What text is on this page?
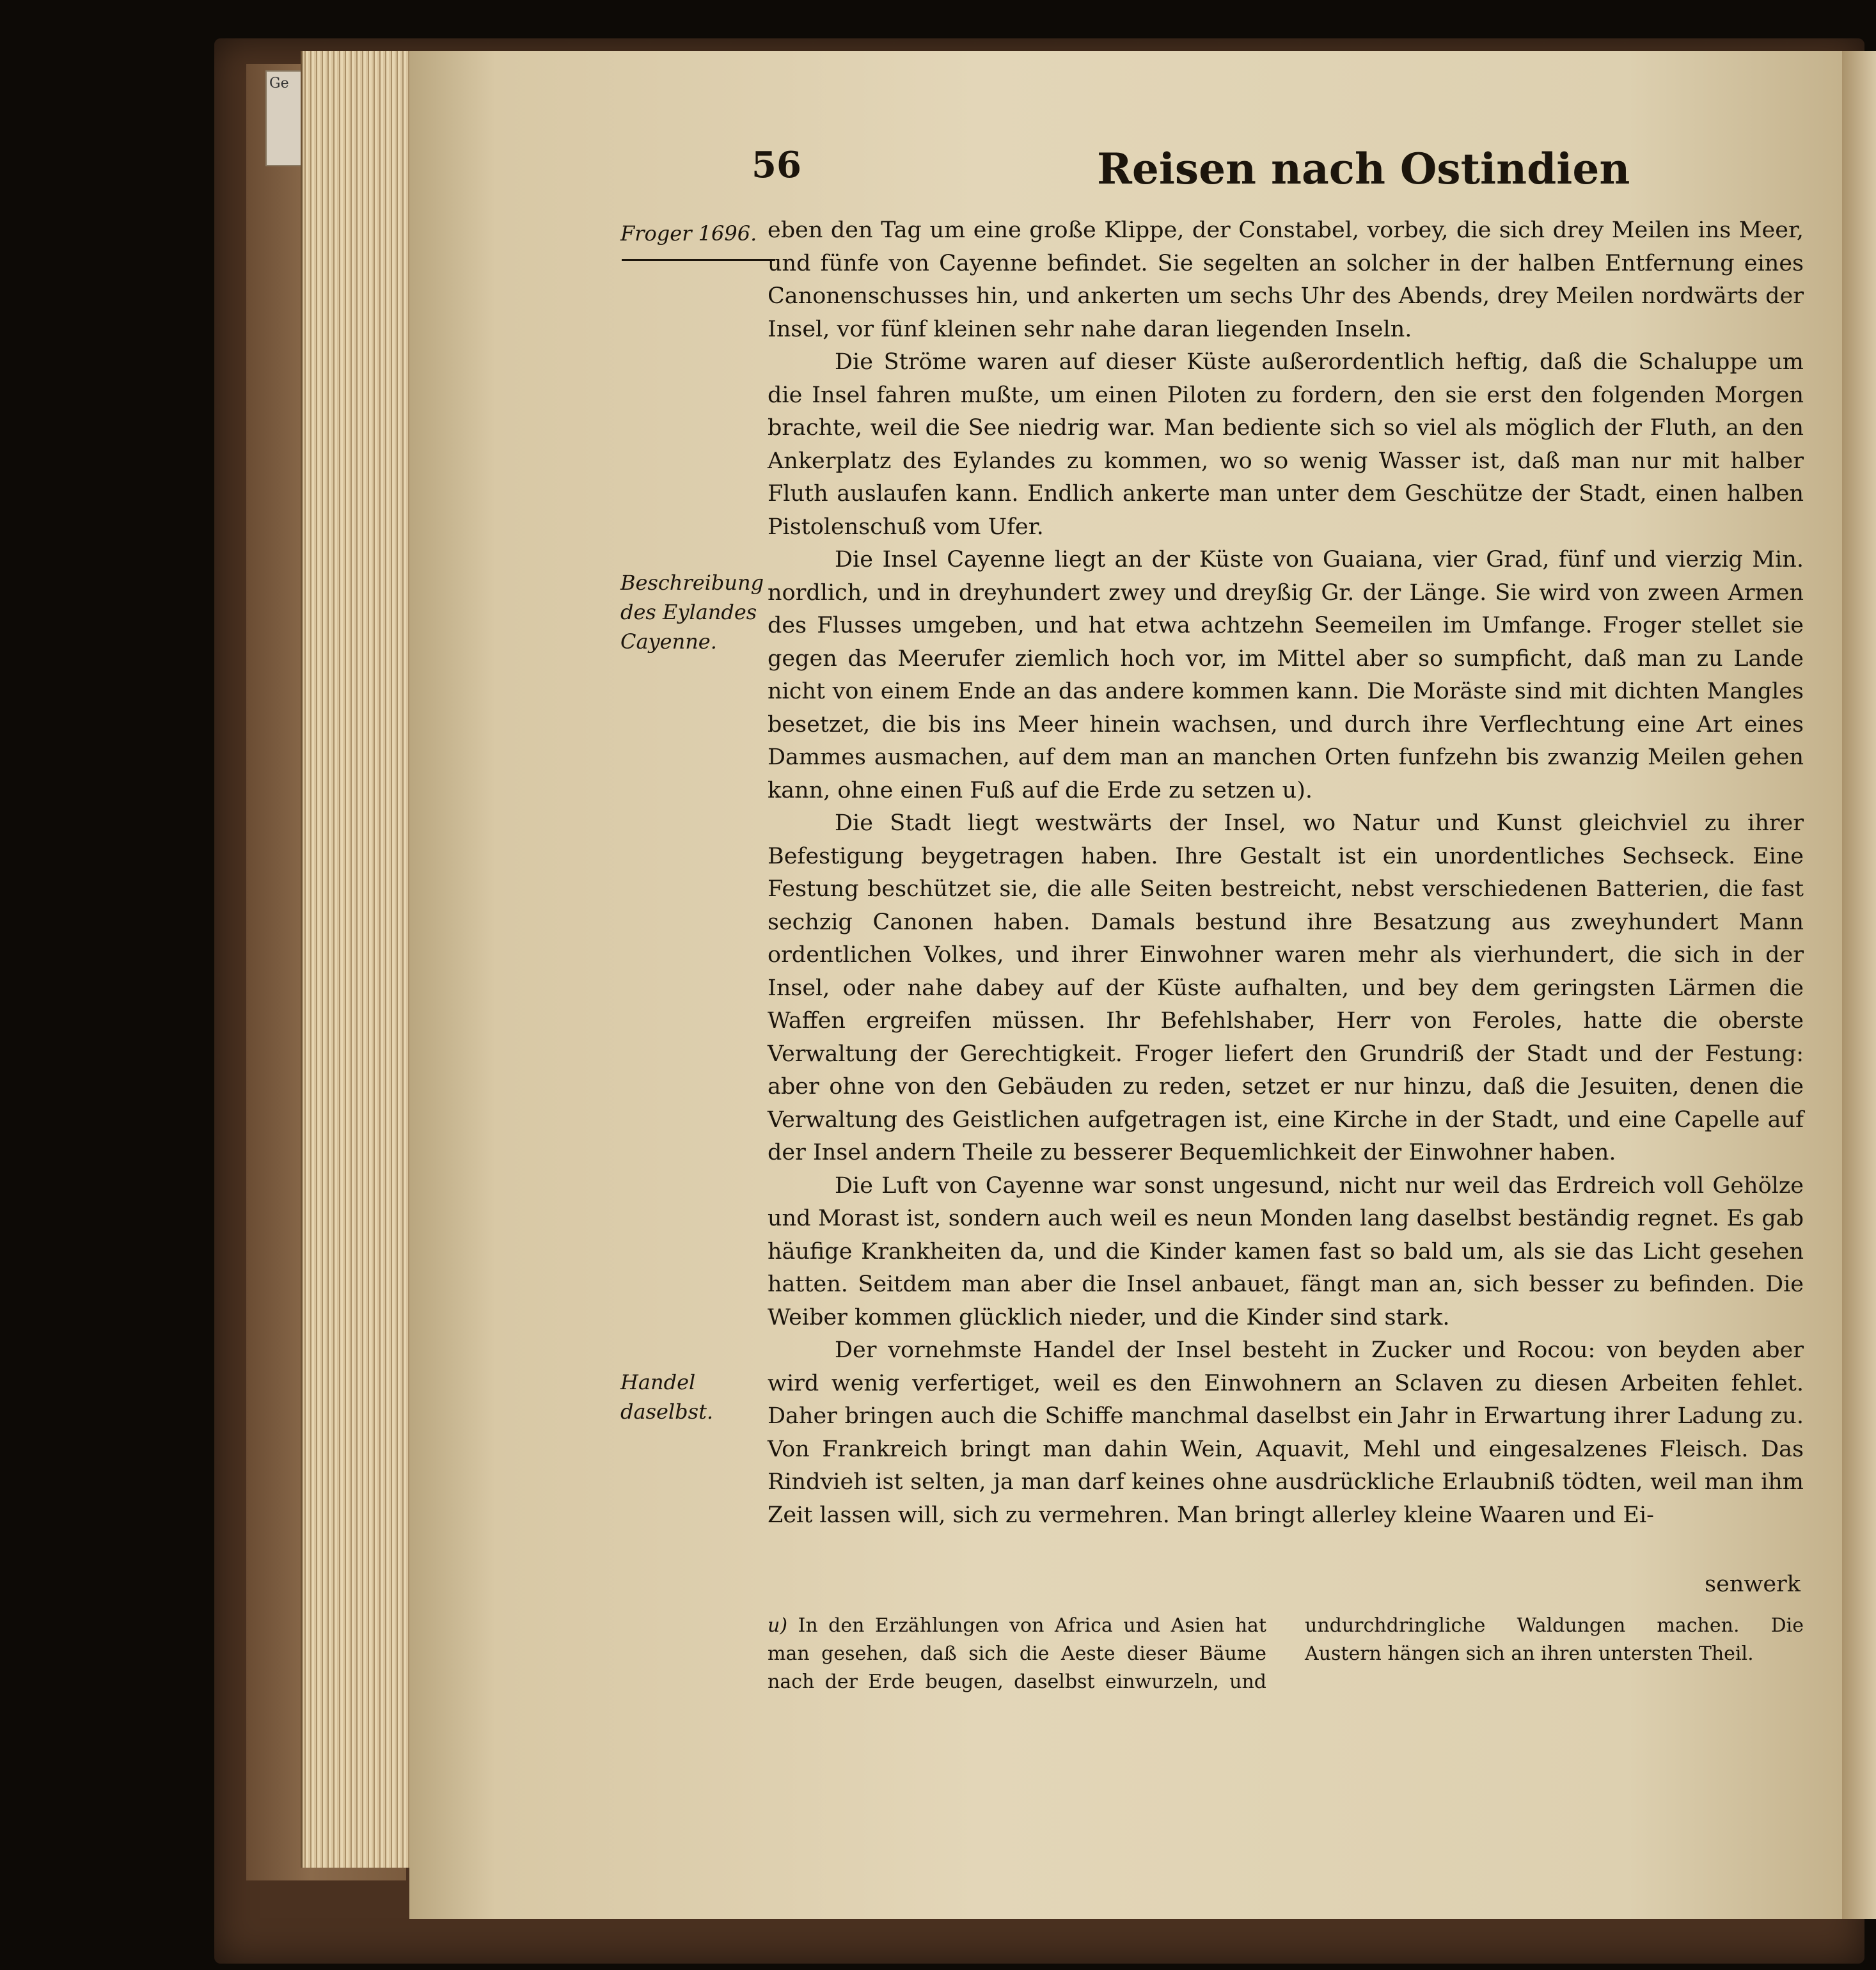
Ge
56	Reisen nach Ostindien
Froger 1696.
Beschreibung des Eylandes Cayenne.
Handel daselbst.

eben den Tag um eine große Klippe, der Constabel, vorbey, die sich drey Meilen ins Meer, und fünfe von Cayenne befindet. Sie segelten an solcher in der halben Entfernung eines Canonenschusses hin, und ankerten um sechs Uhr des Abends, drey Meilen nordwärts der Insel, vor fünf kleinen sehr nahe daran liegenden Inseln.

Die Ströme waren auf dieser Küste außerordentlich heftig, daß die Schaluppe um die Insel fahren mußte, um einen Piloten zu fordern, den sie erst den folgenden Morgen brachte, weil die See niedrig war. Man bediente sich so viel als möglich der Fluth, an den Ankerplatz des Eylandes zu kommen, wo so wenig Wasser ist, daß man nur mit halber Fluth auslaufen kann. Endlich ankerte man unter dem Geschütze der Stadt, einen halben Pistolenschuß vom Ufer.

Die Insel Cayenne liegt an der Küste von Guaiana, vier Grad, fünf und vierzig Min. nordlich, und in dreyhundert zwey und dreyßig Gr. der Länge. Sie wird von zween Armen des Flusses umgeben, und hat etwa achtzehn Seemeilen im Umfange. Froger stellet sie gegen das Meerufer ziemlich hoch vor, im Mittel aber so sumpficht, daß man zu Lande nicht von einem Ende an das andere kommen kann. Die Moräste sind mit dichten Mangles besetzet, die bis ins Meer hinein wachsen, und durch ihre Verflechtung eine Art eines Dammes ausmachen, auf dem man an manchen Orten funfzehn bis zwanzig Meilen gehen kann, ohne einen Fuß auf die Erde zu setzen u).

Die Stadt liegt westwärts der Insel, wo Natur und Kunst gleichviel zu ihrer Befestigung beygetragen haben. Ihre Gestalt ist ein unordentliches Sechseck. Eine Festung beschützet sie, die alle Seiten bestreicht, nebst verschiedenen Batterien, die fast sechzig Canonen haben. Damals bestund ihre Besatzung aus zweyhundert Mann ordentlichen Volkes, und ihrer Einwohner waren mehr als vierhundert, die sich in der Insel, oder nahe dabey auf der Küste aufhalten, und bey dem geringsten Lärmen die Waffen ergreifen müssen. Ihr Befehlshaber, Herr von Feroles, hatte die oberste Verwaltung der Gerechtigkeit. Froger liefert den Grundriß der Stadt und der Festung: aber ohne von den Gebäuden zu reden, setzet er nur hinzu, daß die Jesuiten, denen die Verwaltung des Geistlichen aufgetragen ist, eine Kirche in der Stadt, und eine Capelle auf der Insel andern Theile zu besserer Bequemlichkeit der Einwohner haben.

Die Luft von Cayenne war sonst ungesund, nicht nur weil das Erdreich voll Gehölze und Morast ist, sondern auch weil es neun Monden lang daselbst beständig regnet. Es gab häufige Krankheiten da, und die Kinder kamen fast so bald um, als sie das Licht gesehen hatten. Seitdem man aber die Insel anbauet, fängt man an, sich besser zu befinden. Die Weiber kommen glücklich nieder, und die Kinder sind stark.

Der vornehmste Handel der Insel besteht in Zucker und Rocou: von beyden aber wird wenig verfertiget, weil es den Einwohnern an Sclaven zu diesen Arbeiten fehlet. Daher bringen auch die Schiffe manchmal daselbst ein Jahr in Erwartung ihrer Ladung zu. Von Frankreich bringt man dahin Wein, Aquavit, Mehl und eingesalzenes Fleisch. Das Rindvieh ist selten, ja man darf keines ohne ausdrückliche Erlaubniß tödten, weil man ihm Zeit lassen will, sich zu vermehren. Man bringt allerley kleine Waaren und Ei-

senwerk

u) In den Erzählungen von Africa und Asien hat man gesehen, daß sich die Aeste dieser Bäume nach der Erde beugen, daselbst einwurzeln, und undurchdringliche Waldungen machen. Die Austern hängen sich an ihren untersten Theil.
